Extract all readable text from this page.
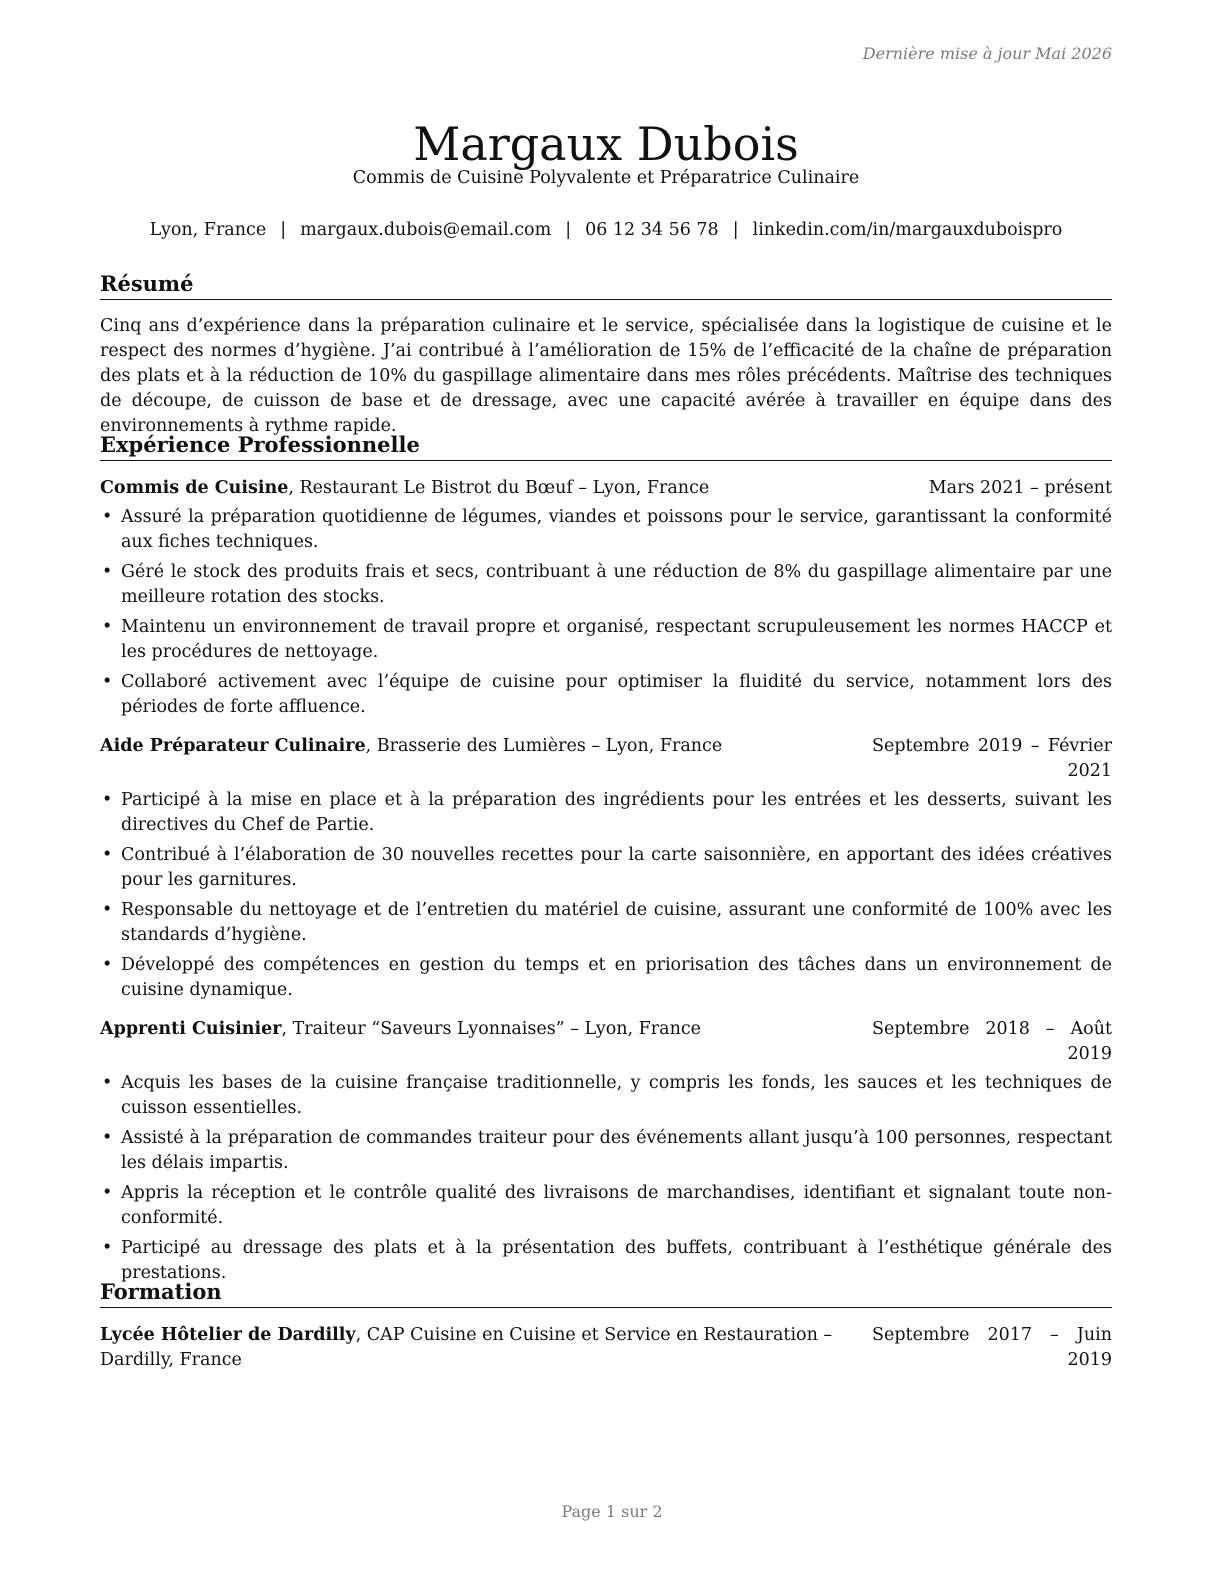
Dernière mise à jour Mai 2026
Margaux Dubois
Commis de Cuisine Polyvalente et Préparatrice Culinaire
Lyon, France | margaux.dubois@email.com | 06 12 34 56 78 | linkedin.com/in/margauxduboispro
Résumé

Cinq ans d’expérience dans la préparation culinaire et le service, spécialisée dans la logistique de cuisine et le respect des normes d’hygiène. J’ai contribué à l’amélioration de 15% de l’efficacité de la chaîne de préparation des plats et à la réduction de 10% du gaspillage alimentaire dans mes rôles précédents. Maîtrise des techniques de découpe, de cuisson de base et de dressage, avec une capacité avérée à travailler en équipe dans des environnements à rythme rapide.

Expérience Professionnelle
Commis de Cuisine, Restaurant Le Bistrot du Bœuf – Lyon, France	Mars 2021 – présent
• Assuré la préparation quotidienne de légumes, viandes et poissons pour le service, garantissant la conformité aux fiches techniques.
• Géré le stock des produits frais et secs, contribuant à une réduction de 8% du gaspillage alimentaire par une meilleure rotation des stocks.
• Maintenu un environnement de travail propre et organisé, respectant scrupuleusement les normes HACCP et les procédures de nettoyage.
• Collaboré activement avec l’équipe de cuisine pour optimiser la fluidité du service, notamment lors des périodes de forte affluence.
Aide Préparateur Culinaire, Brasserie des Lumières – Lyon, France	Septembre 2019 – Février 2021
• Participé à la mise en place et à la préparation des ingrédients pour les entrées et les desserts, suivant les directives du Chef de Partie.
• Contribué à l’élaboration de 30 nouvelles recettes pour la carte saisonnière, en apportant des idées créatives pour les garnitures.
• Responsable du nettoyage et de l’entretien du matériel de cuisine, assurant une conformité de 100% avec les standards d’hygiène.
• Développé des compétences en gestion du temps et en priorisation des tâches dans un environnement de cuisine dynamique.
Apprenti Cuisinier, Traiteur “Saveurs Lyonnaises” – Lyon, France	Septembre 2018 – Août 2019
• Acquis les bases de la cuisine française traditionnelle, y compris les fonds, les sauces et les techniques de cuisson essentielles.
• Assisté à la préparation de commandes traiteur pour des événements allant jusqu’à 100 personnes, respectant les délais impartis.
• Appris la réception et le contrôle qualité des livraisons de marchandises, identifiant et signalant toute non-conformité.
• Participé au dressage des plats et à la présentation des buffets, contribuant à l’esthétique générale des prestations.
Formation
Lycée Hôtelier de Dardilly, CAP Cuisine en Cuisine et Service en Restauration – Dardilly, France
Septembre 2017 – Juin 2019
Page 1 sur 2
